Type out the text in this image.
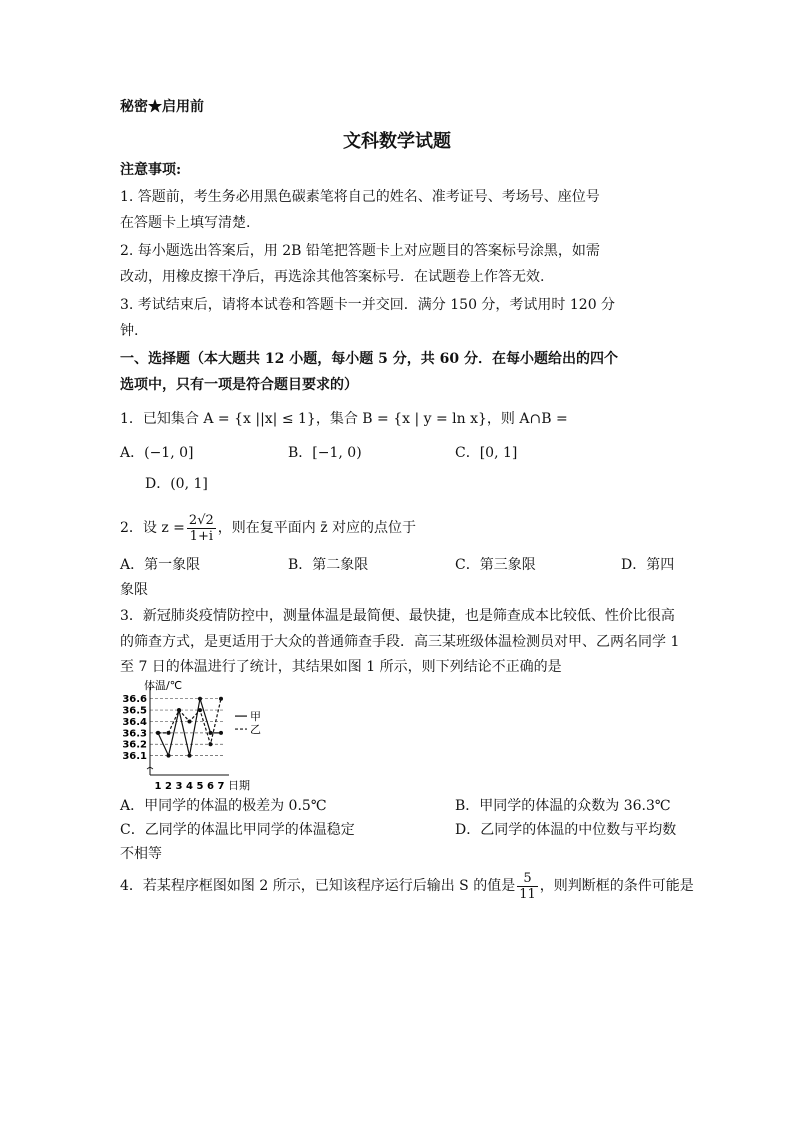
秘密★启用前
文科数学试题
注意事项:
1. 答题前，考生务必用黑色碳素笔将自己的姓名、准考证号、考场号、座位号
在答题卡上填写清楚.
2. 每小题选出答案后，用 2B 铅笔把答题卡上对应题目的答案标号涂黑，如需
改动，用橡皮擦干净后，再选涂其他答案标号．在试题卷上作答无效.
3. 考试结束后，请将本试卷和答题卡一并交回．满分 150 分，考试用时 120 分
钟.
一、选择题（本大题共 12 小题，每小题 5 分，共 60 分．在每小题给出的四个
选项中，只有一项是符合题目要求的）
1．已知集合 A = {x ||x| ≤ 1}，集合 B = {x | y = ln x}，则 A∩B =
A．(−1, 0]	B．[−1, 0)	C．[0, 1]
D．(0, 1]
2．设 $z = \frac{2√2}{1+i}$ ，则在复平面内 z̄ 对应的点位于
A．第一象限	B．第二象限	C．第三象限	D．第四
象限
3．新冠肺炎疫情防控中，测量体温是最简便、最快捷，也是筛查成本比较低、性价比很高
的筛查方式，是更适用于大众的普通筛查手段．高三某班级体温检测员对甲、乙两名同学 1
至 7 日的体温进行了统计，其结果如图 1 所示，则下列结论不正确的是
体温/℃
36.1
36.2
36.3
36.4
36.5
36.6
1 2 3 4 5 6 7
甲
乙
日期
A．甲同学的体温的极差为 0.5℃	B．甲同学的体温的众数为 36.3℃
C．乙同学的体温比甲同学的体温稳定	D．乙同学的体温的中位数与平均数
不相等
4．若某程序框图如图 2 所示，已知该程序运行后输出 S 的值是 $\frac{5}{11}$ ，则判断框的条件可能是
